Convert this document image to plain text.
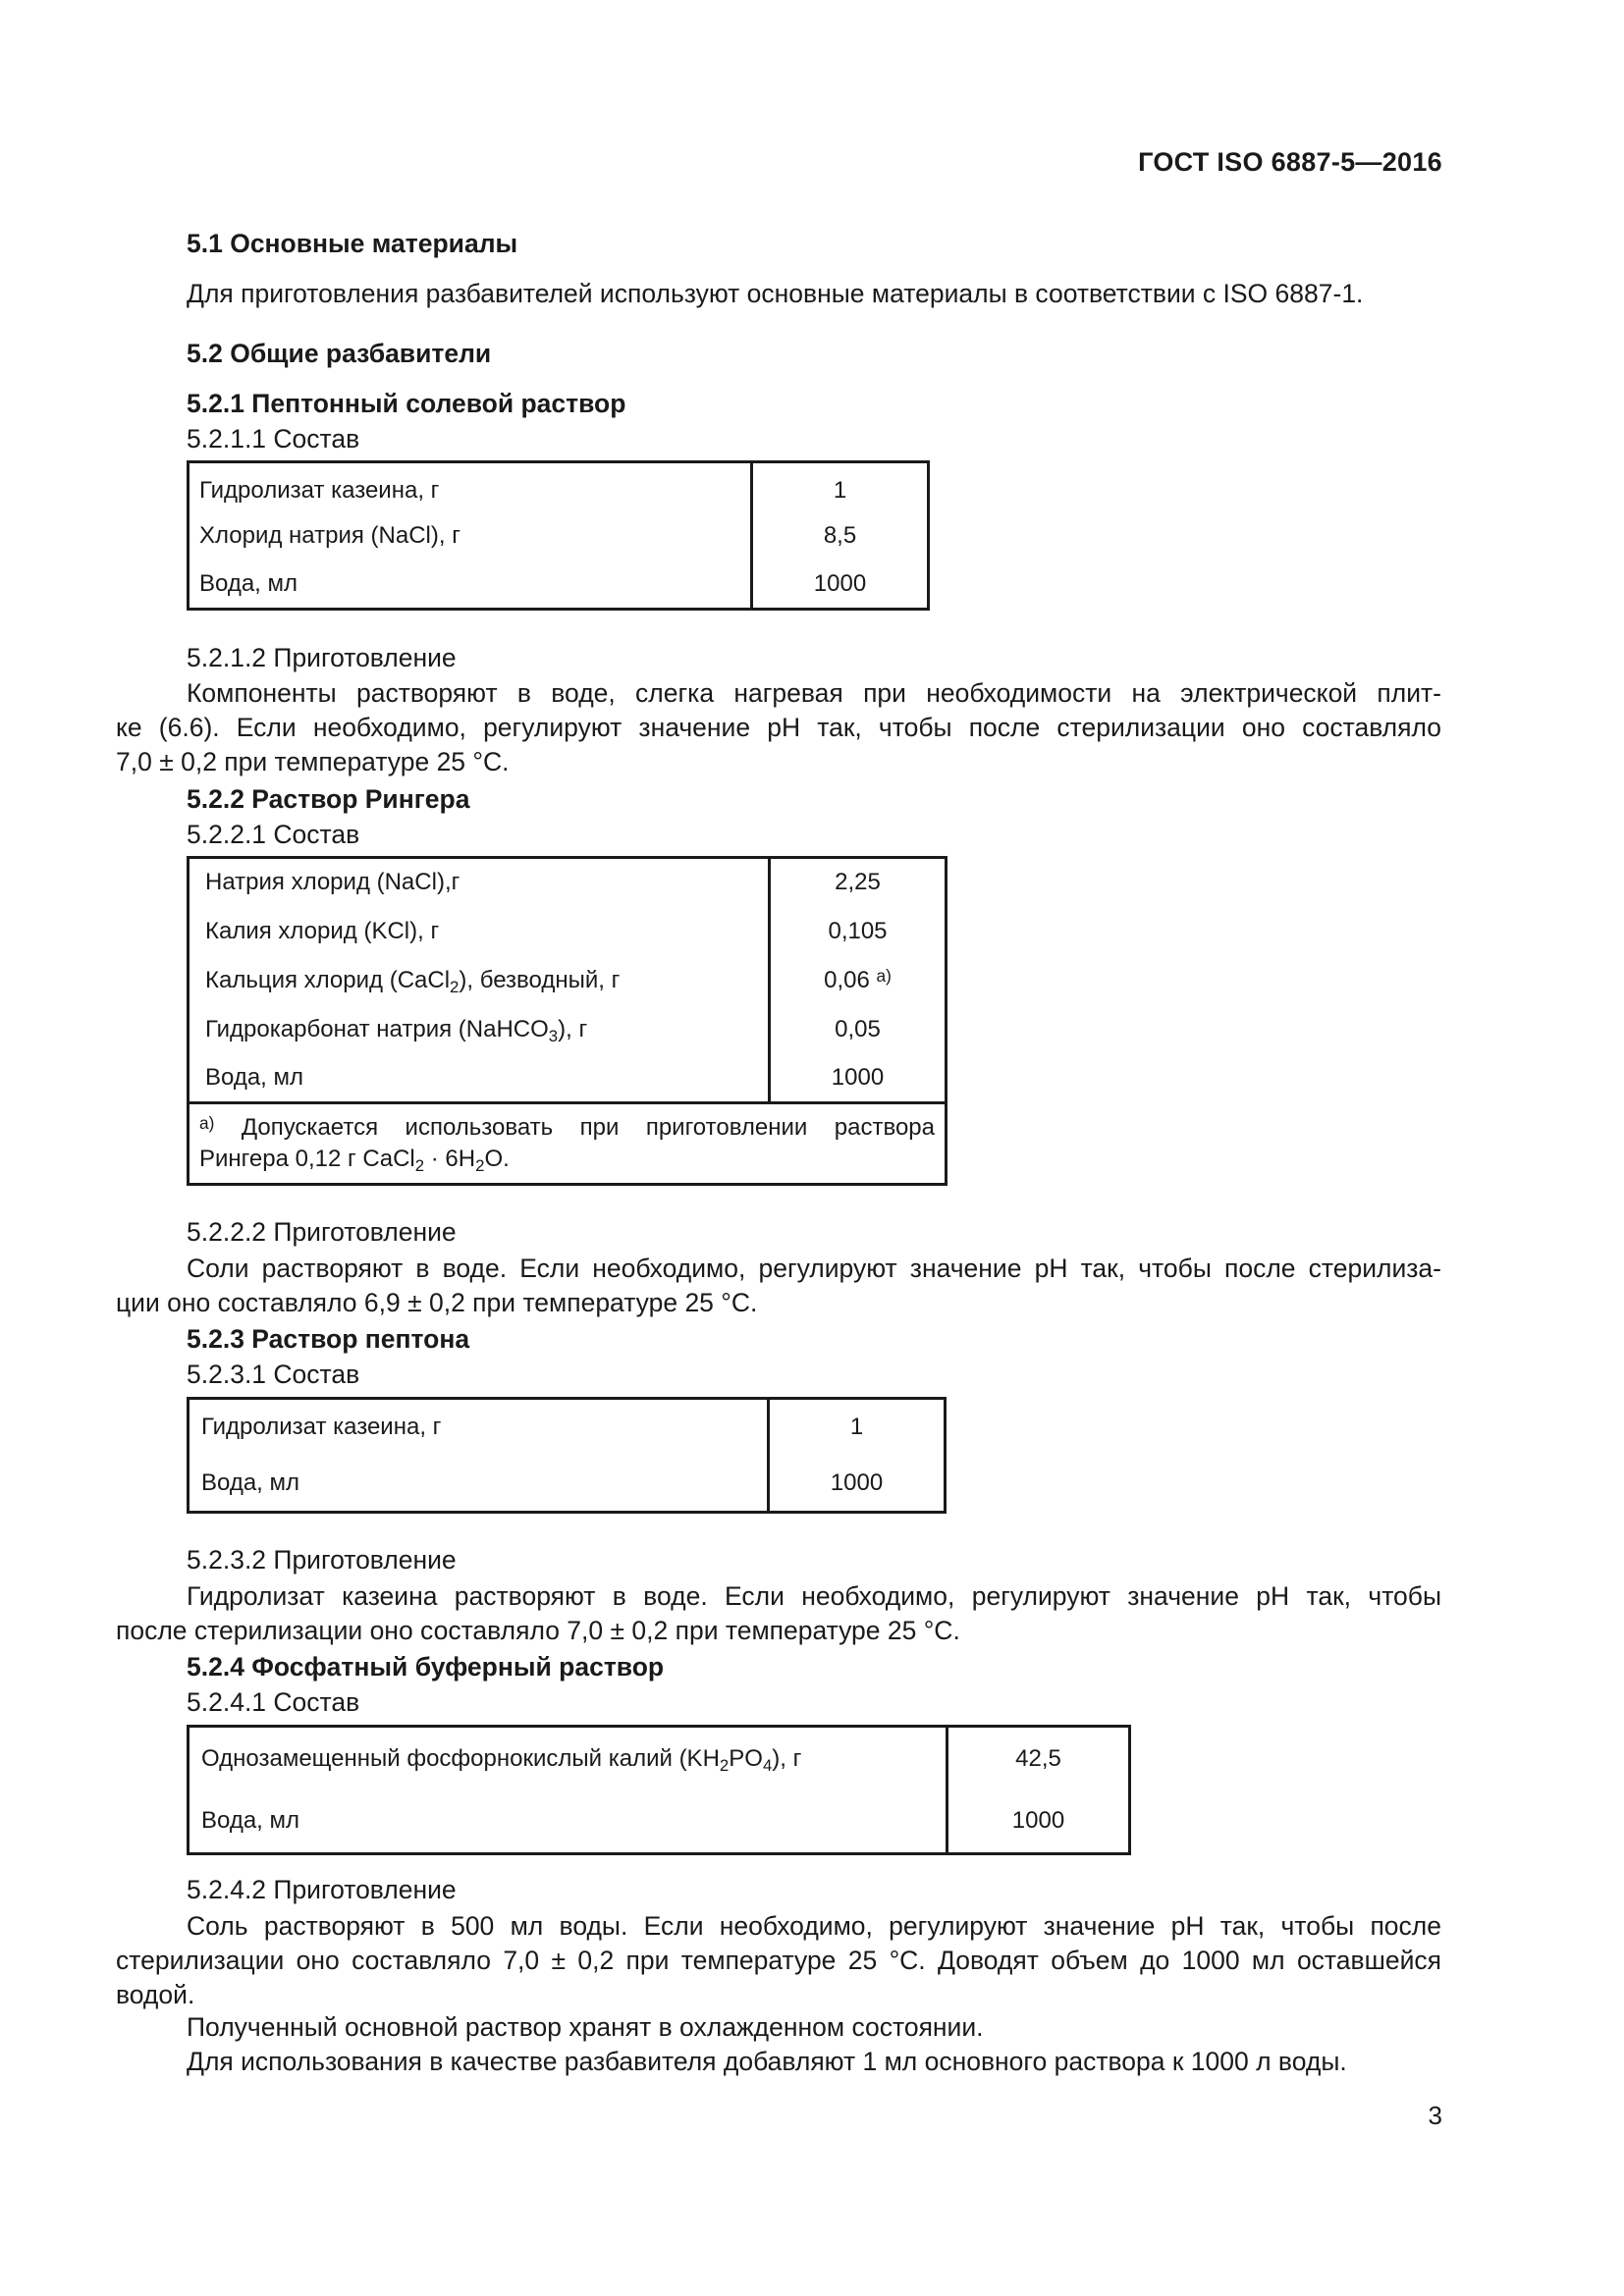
ГОСТ ISO 6887-5—2016
5.1 Основные материалы
Для приготовления разбавителей используют основные материалы в соответствии с ISO 6887-1.
5.2 Общие разбавители
5.2.1 Пептонный солевой раствор
5.2.1.1 Состав
Гидролизат казеина, г	1
Хлорид натрия (NaCl), г	8,5
Вода, мл	1000
5.2.1.2 Приготовление
Компоненты растворяют в воде, слегка нагревая при необходимости на электрической плит-
ке (6.6). Если необходимо, регулируют значение рН так, чтобы после стерилизации оно составляло
7,0 ± 0,2 при температуре 25 °C.
5.2.2 Раствор Рингера
5.2.2.1 Состав
Натрия хлорид (NaCl),г	2,25
Калия хлорид (KCl), г	0,105
Кальция хлорид (CaCl$_2$), безводный, г	0,06 $^{a)}$
Гидрокарбонат натрия (NaHCO$_3$), г	0,05
Вода, мл	1000

$^{a)}$ Допускается использовать при приготовлении раствора
Рингера 0,12 г CaCl$_2$ · $6H_2O$.	
5.2.2.2 Приготовление
Соли растворяют в воде. Если необходимо, регулируют значение рН так, чтобы после стерилиза-
ции оно составляло 6,9 ± 0,2 при температуре 25 °C.
5.2.3 Раствор пептона
5.2.3.1 Состав
Гидролизат казеина, г	1
Вода, мл	1000
5.2.3.2 Приготовление
Гидролизат казеина растворяют в воде. Если необходимо, регулируют значение рН так, чтобы
после стерилизации оно составляло 7,0 ± 0,2 при температуре 25 °C.
5.2.4 Фосфатный буферный раствор
5.2.4.1 Состав
Однозамещенный фосфорнокислый калий $(KH_2PO_4)$, г	42,5
Вода, мл	1000
5.2.4.2 Приготовление
Соль растворяют в 500 мл воды. Если необходимо, регулируют значение рН так, чтобы после
стерилизации оно составляло 7,0 ± 0,2 при температуре 25 °C. Доводят объем до 1000 мл оставшейся
водой.
Полученный основной раствор хранят в охлажденном состоянии.
Для использования в качестве разбавителя добавляют 1 мл основного раствора к 1000 л воды.
3
